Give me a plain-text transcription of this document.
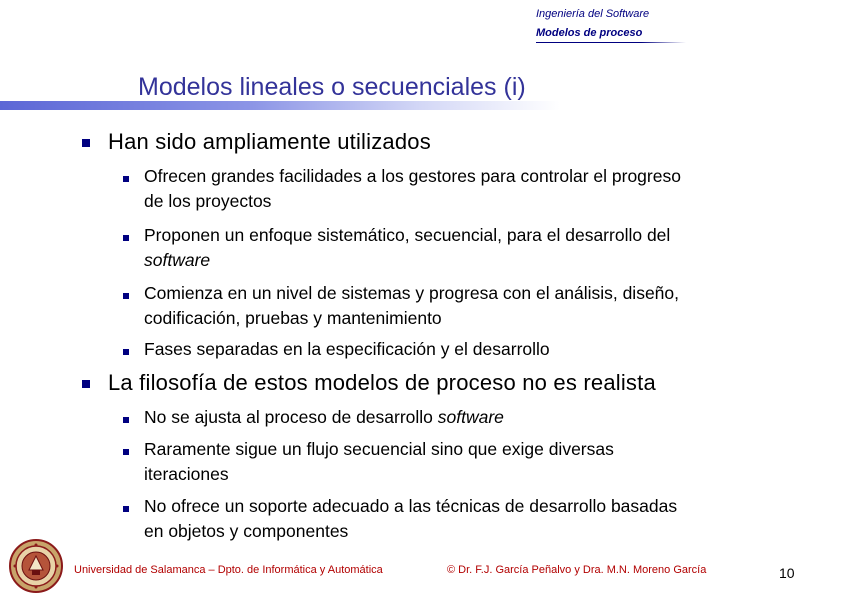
Ingeniería del Software
Modelos de proceso
Modelos lineales o secuenciales (i)
Han sido ampliamente utilizados
Ofrecen grandes facilidades a los gestores para controlar el progreso
de los proyectos
Proponen un enfoque sistemático, secuencial, para el desarrollo del
software
Comienza en un nivel de sistemas y progresa con el análisis, diseño,
codificación, pruebas y mantenimiento
Fases separadas en la especificación y el desarrollo
La filosofía de estos modelos de proceso no es realista
No se ajusta al proceso de desarrollo software
Raramente sigue un flujo secuencial sino que exige diversas
iteraciones
No ofrece un soporte adecuado a las técnicas de desarrollo basadas
en objetos y componentes
Universidad de Salamanca – Dpto. de Informática y Automática	© Dr. F.J. García Peñalvo y Dra. M.N. Moreno García	10
